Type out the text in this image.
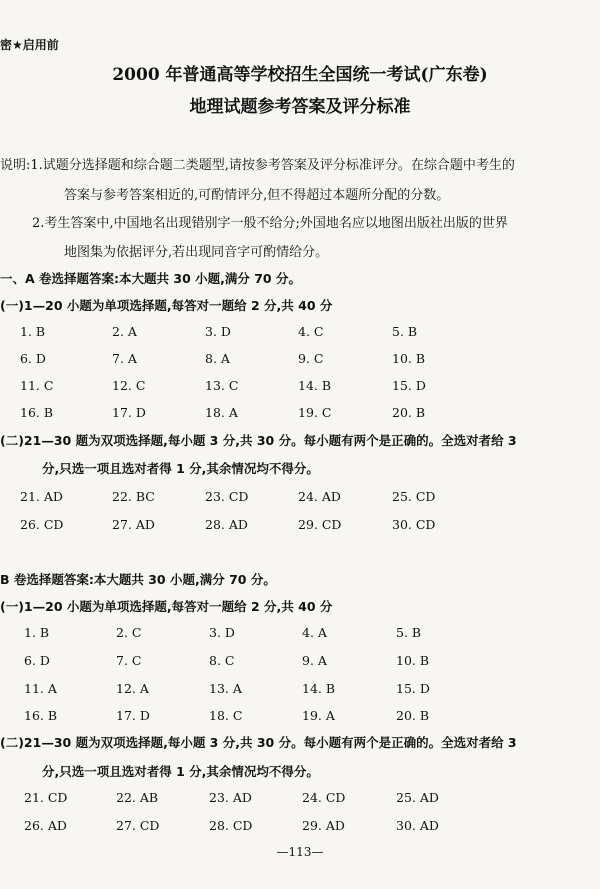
密★启用前
2000 年普通高等学校招生全国统一考试(广东卷)
地理试题参考答案及评分标准
说明:1.试题分选择题和综合题二类题型,请按参考答案及评分标准评分。在综合题中考生的
答案与参考答案相近的,可酌情评分,但不得超过本题所分配的分数。
2.考生答案中,中国地名出现错别字一般不给分;外国地名应以地图出版社出版的世界
地图集为依据评分,若出现同音字可酌情给分。
一、A 卷选择题答案:本大题共 30 小题,满分 70 分。
(一)1—20 小题为单项选择题,每答对一题给 2 分,共 40 分
1. B	2. A	3. D	4. C	5. B
6. D	7. A	8. A	9. C	10. B
11. C	12. C	13. C	14. B	15. D
16. B	17. D	18. A	19. C	20. B
(二)21—30 题为双项选择题,每小题 3 分,共 30 分。每小题有两个是正确的。全选对者给 3
分,只选一项且选对者得 1 分,其余情况均不得分。
21. AD	22. BC	23. CD	24. AD	25. CD
26. CD	27. AD	28. AD	29. CD	30. CD
B 卷选择题答案:本大题共 30 小题,满分 70 分。
(一)1—20 小题为单项选择题,每答对一题给 2 分,共 40 分
1. B	2. C	3. D	4. A	5. B
6. D	7. C	8. C	9. A	10. B
11. A	12. A	13. A	14. B	15. D
16. B	17. D	18. C	19. A	20. B
(二)21—30 题为双项选择题,每小题 3 分,共 30 分。每小题有两个是正确的。全选对者给 3
分,只选一项且选对者得 1 分,其余情况均不得分。
21. CD	22. AB	23. AD	24. CD	25. AD
26. AD	27. CD	28. CD	29. AD	30. AD
—113—
